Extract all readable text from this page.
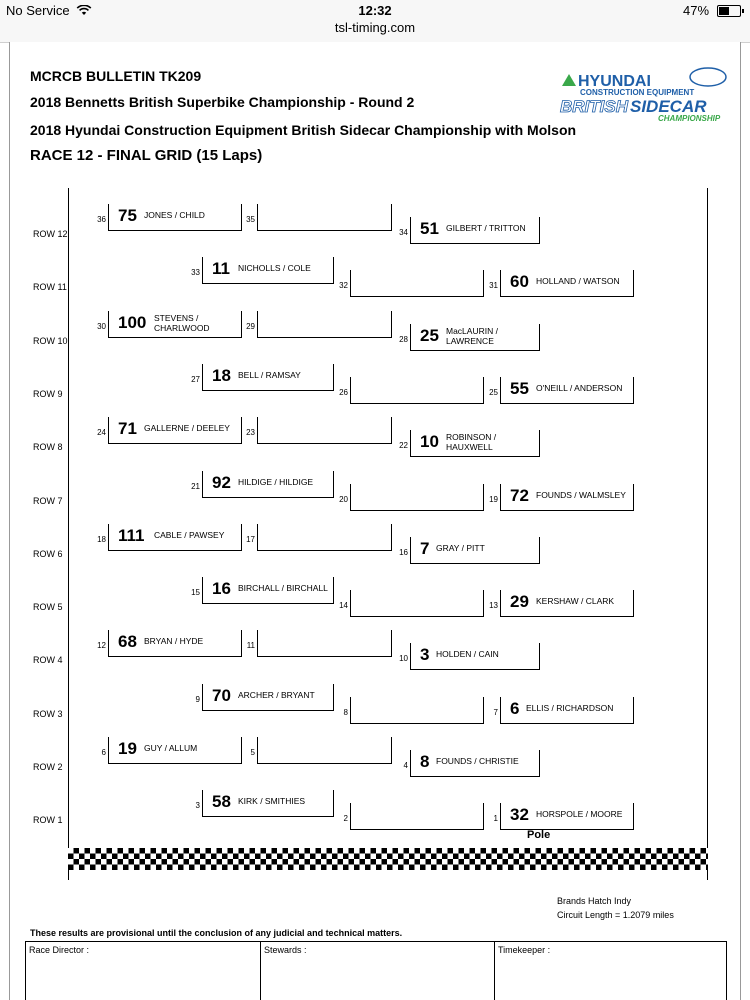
No Service	12:32
tsl-timing.com
47%
MCRCB BULLETIN TK209
2018 Bennetts British Superbike Championship - Round 2
2018 Hyundai Construction Equipment British Sidecar Championship with Molson
RACE 12 - FINAL GRID (15 Laps)
HYUNDAI
CONSTRUCTION EQUIPMENT
BRITISH SIDECAR
CHAMPIONSHIP
ROW 12
36 75 JONES / CHILD	35
34 51 GILBERT / TRITTON
ROW 11
33 11 NICHOLLS / COLE
32	31 60 HOLLAND / WATSON
ROW 10
30 100 STEVENS /
CHARLWOOD	29
28 25 MacLAURIN /
LAWRENCE
ROW 9
27 18 BELL / RAMSAY
26	25 55 O'NEILL / ANDERSON
ROW 8
24 71 GALLERNE / DEELEY	23
22 10 ROBINSON /
HAUXWELL
ROW 7
21 92 HILDIGE / HILDIGE
20	19 72 FOUNDS / WALMSLEY
ROW 6
18 111 CABLE / PAWSEY	17
16 7 GRAY / PITT
ROW 5
15 16 BIRCHALL / BIRCHALL
14	13 29 KERSHAW / CLARK
ROW 4
12 68 BRYAN / HYDE	11
10 3 HOLDEN / CAIN
ROW 3
9 70 ARCHER / BRYANT
8	7 6 ELLIS / RICHARDSON
ROW 2
6 19 GUY / ALLUM	5
4 8 FOUNDS / CHRISTIE
ROW 1
3 58 KIRK / SMITHIES
2	1 32 HORSPOLE / MOORE
Pole
Brands Hatch Indy
Circuit Length = 1.2079 miles
These results are provisional until the conclusion of any judicial and technical matters.
Race Director :	Stewards :	Timekeeper :
